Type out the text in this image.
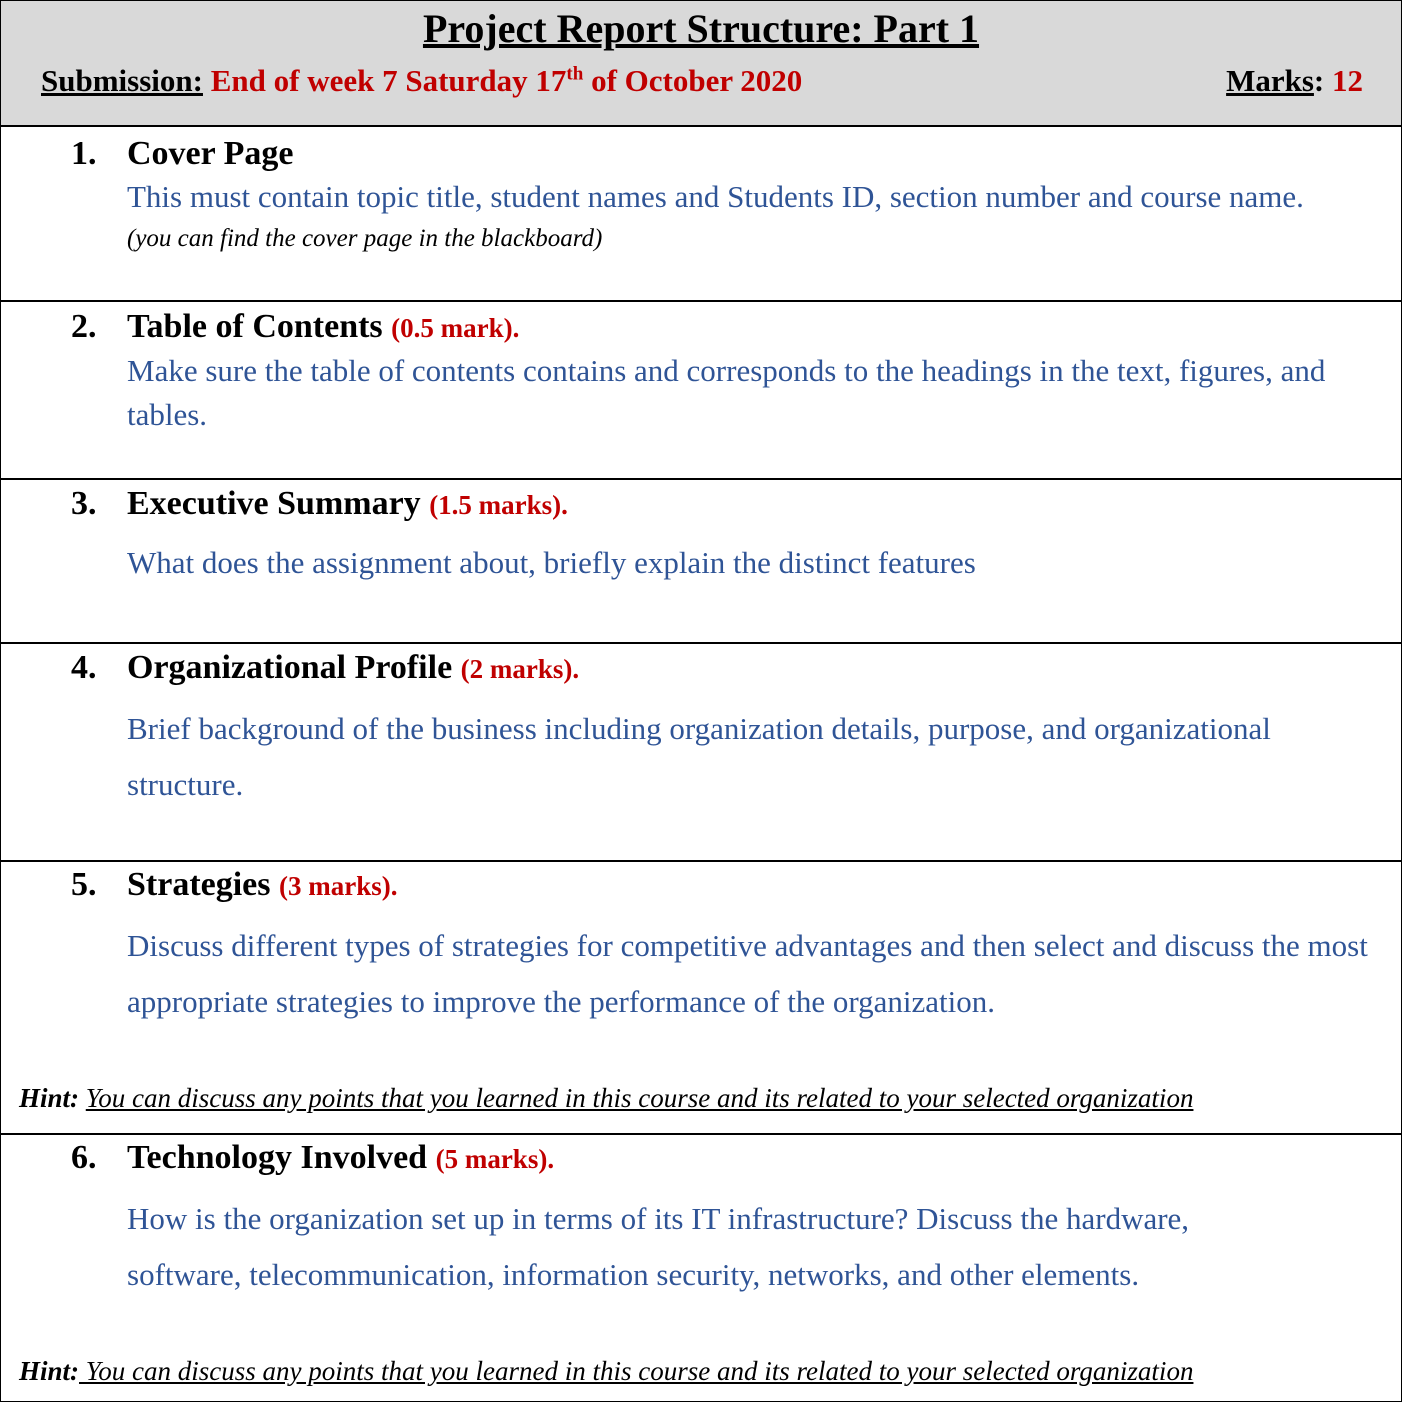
Project Report Structure: Part 1
Submission: End of week 7 Saturday 17th of October 2020	Marks: 12
1. Cover Page
This must contain topic title, student names and Students ID, section number and course name.
(you can find the cover page in the blackboard)
2. Table of Contents (0.5 mark).
Make sure the table of contents contains and corresponds to the headings in the text, figures, and tables.
3. Executive Summary (1.5 marks).
What does the assignment about, briefly explain the distinct features
4. Organizational Profile (2 marks).
Brief background of the business including organization details, purpose, and organizational structure.
5. Strategies (3 marks).
Discuss different types of strategies for competitive advantages and then select and discuss the most appropriate strategies to improve the performance of the organization.
Hint: You can discuss any points that you learned in this course and its related to your selected organization
6. Technology Involved (5 marks).
How is the organization set up in terms of its IT infrastructure? Discuss the hardware, software, telecommunication, information security, networks, and other elements.
Hint: You can discuss any points that you learned in this course and its related to your selected organization
